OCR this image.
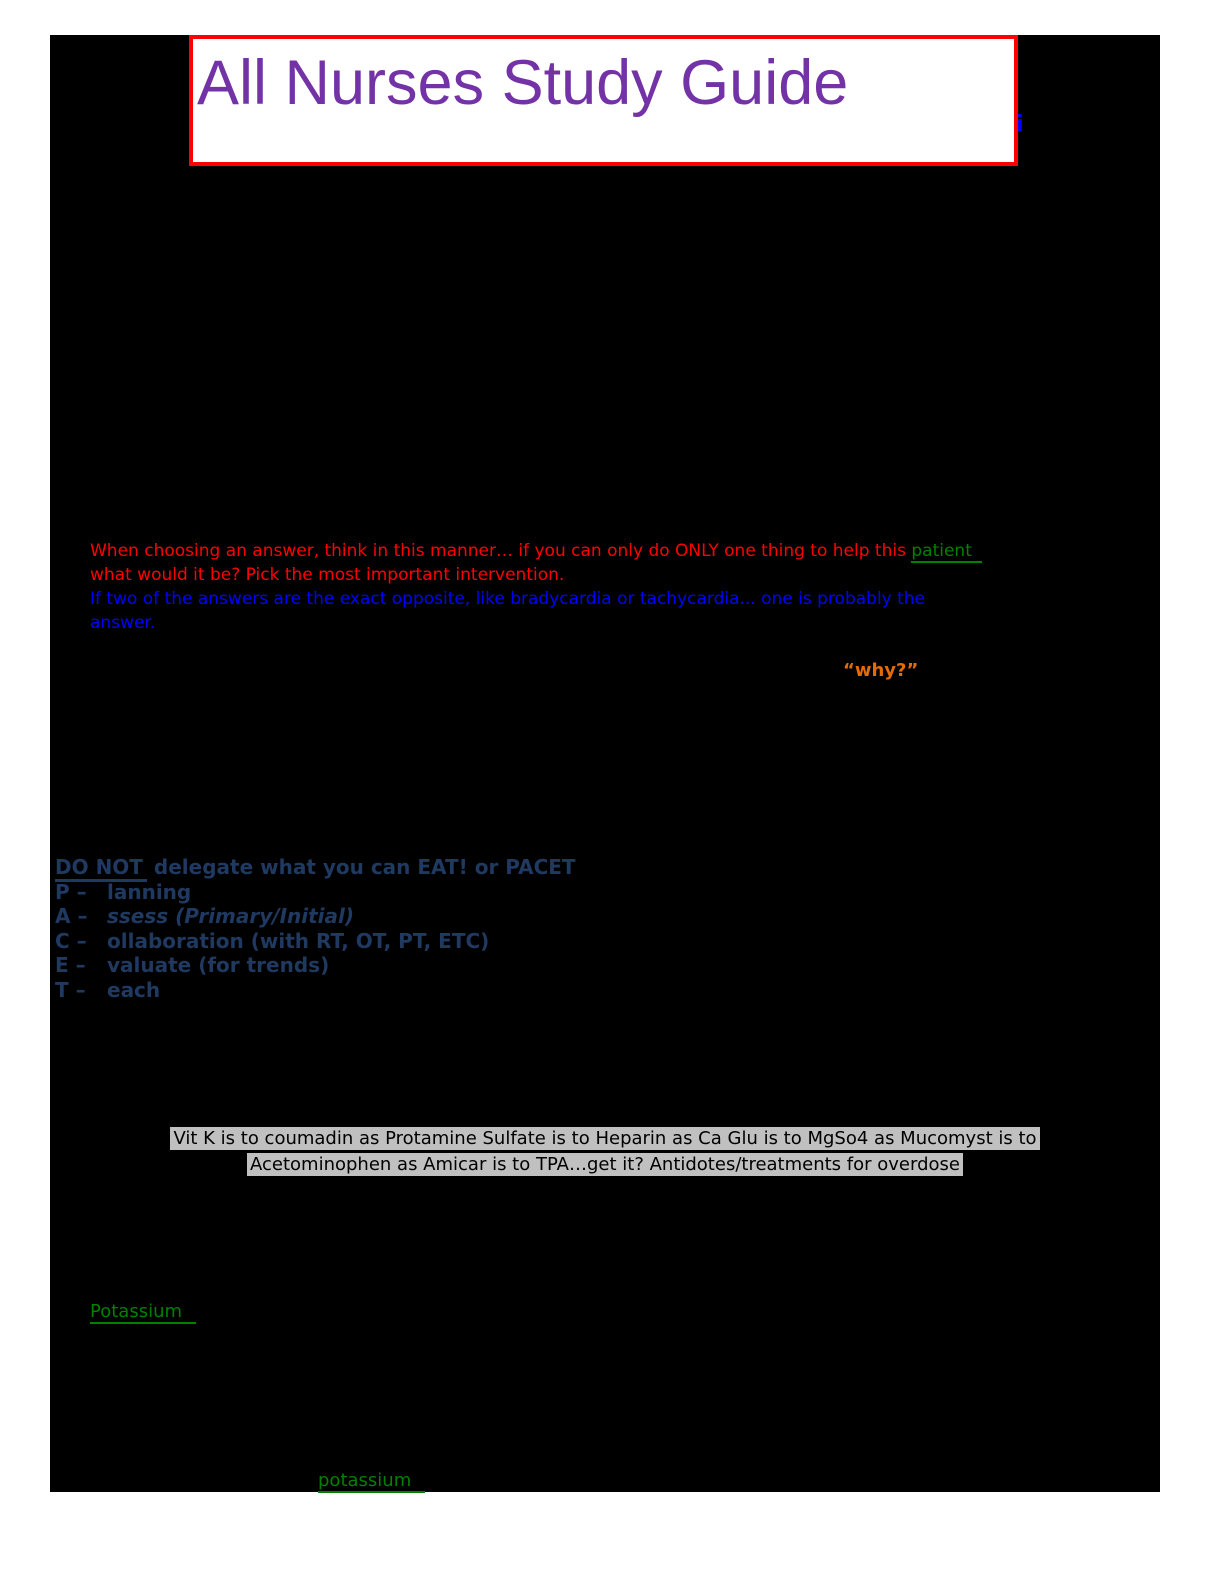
All Nurses Study Guide
i
When choosing an answer, think in this manner… if you can only do ONLY one thing to help this patient
what would it be? Pick the most important intervention.
If two of the answers are the exact opposite, like bradycardia or tachycardia... one is probably the
answer.
“why?”
DO NOT delegate what you can EAT! or PACET
P – lanning
A – ssess (Primary/Initial)
C – ollaboration (with RT, OT, PT, ETC)
E – valuate (for trends)
T – each
Vit K is to coumadin as Protamine Sulfate is to Heparin as Ca Glu is to MgSo4 as Mucomyst is to
Acetominophen as Amicar is to TPA…get it? Antidotes/treatments for overdose
Potassium
potassium
